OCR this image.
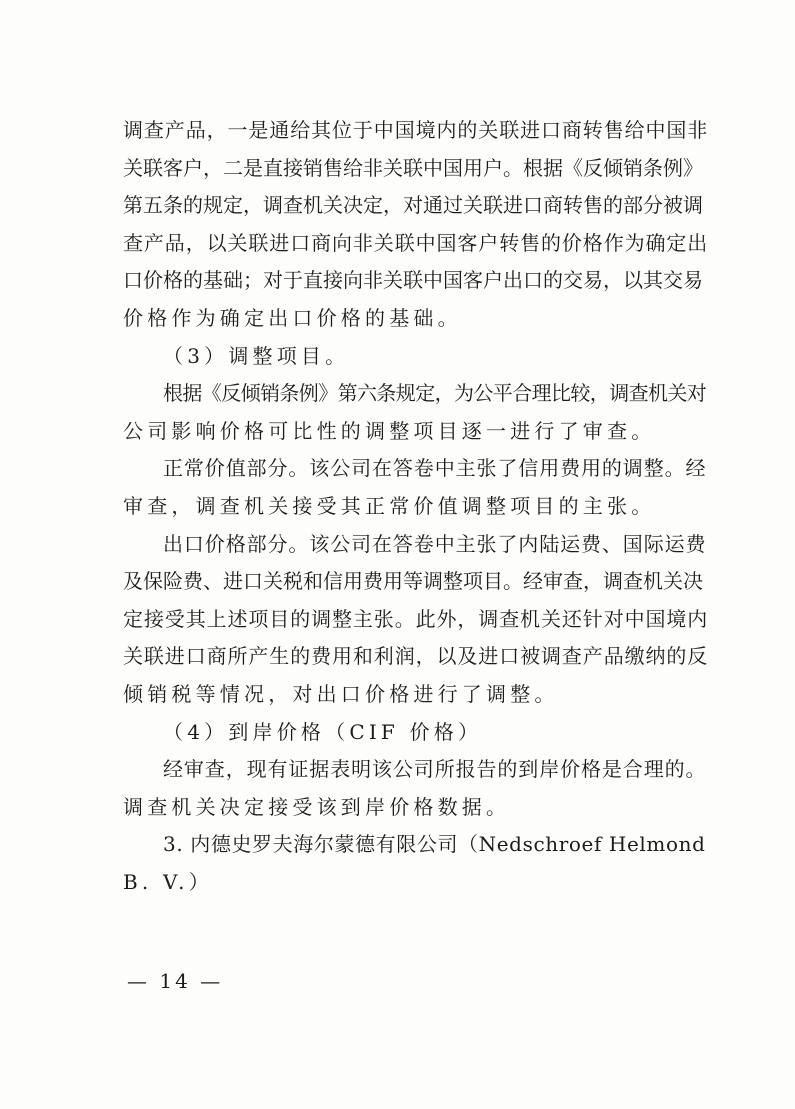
调查产品，一是通给其位于中国境内的关联进口商转售给中国非
关联客户，二是直接销售给非关联中国用户。根据《反倾销条例》
第五条的规定，调查机关决定，对通过关联进口商转售的部分被调
查产品，以关联进口商向非关联中国客户转售的价格作为确定出
口价格的基础；对于直接向非关联中国客户出口的交易，以其交易
价格作为确定出口价格的基础。
（3）调整项目。
根据《反倾销条例》第六条规定，为公平合理比较，调查机关对
公司影响价格可比性的调整项目逐一进行了审查。
正常价值部分。该公司在答卷中主张了信用费用的调整。经
审查，调查机关接受其正常价值调整项目的主张。
出口价格部分。该公司在答卷中主张了内陆运费、国际运费
及保险费、进口关税和信用费用等调整项目。经审查，调查机关决
定接受其上述项目的调整主张。此外，调查机关还针对中国境内
关联进口商所产生的费用和利润，以及进口被调查产品缴纳的反
倾销税等情况，对出口价格进行了调整。
（4）到岸价格（CIF 价格）
经审查，现有证据表明该公司所报告的到岸价格是合理的。
调查机关决定接受该到岸价格数据。
3. 内德史罗夫海尔蒙德有限公司（Nedschroef Helmond
B. V.）
— 14 —
